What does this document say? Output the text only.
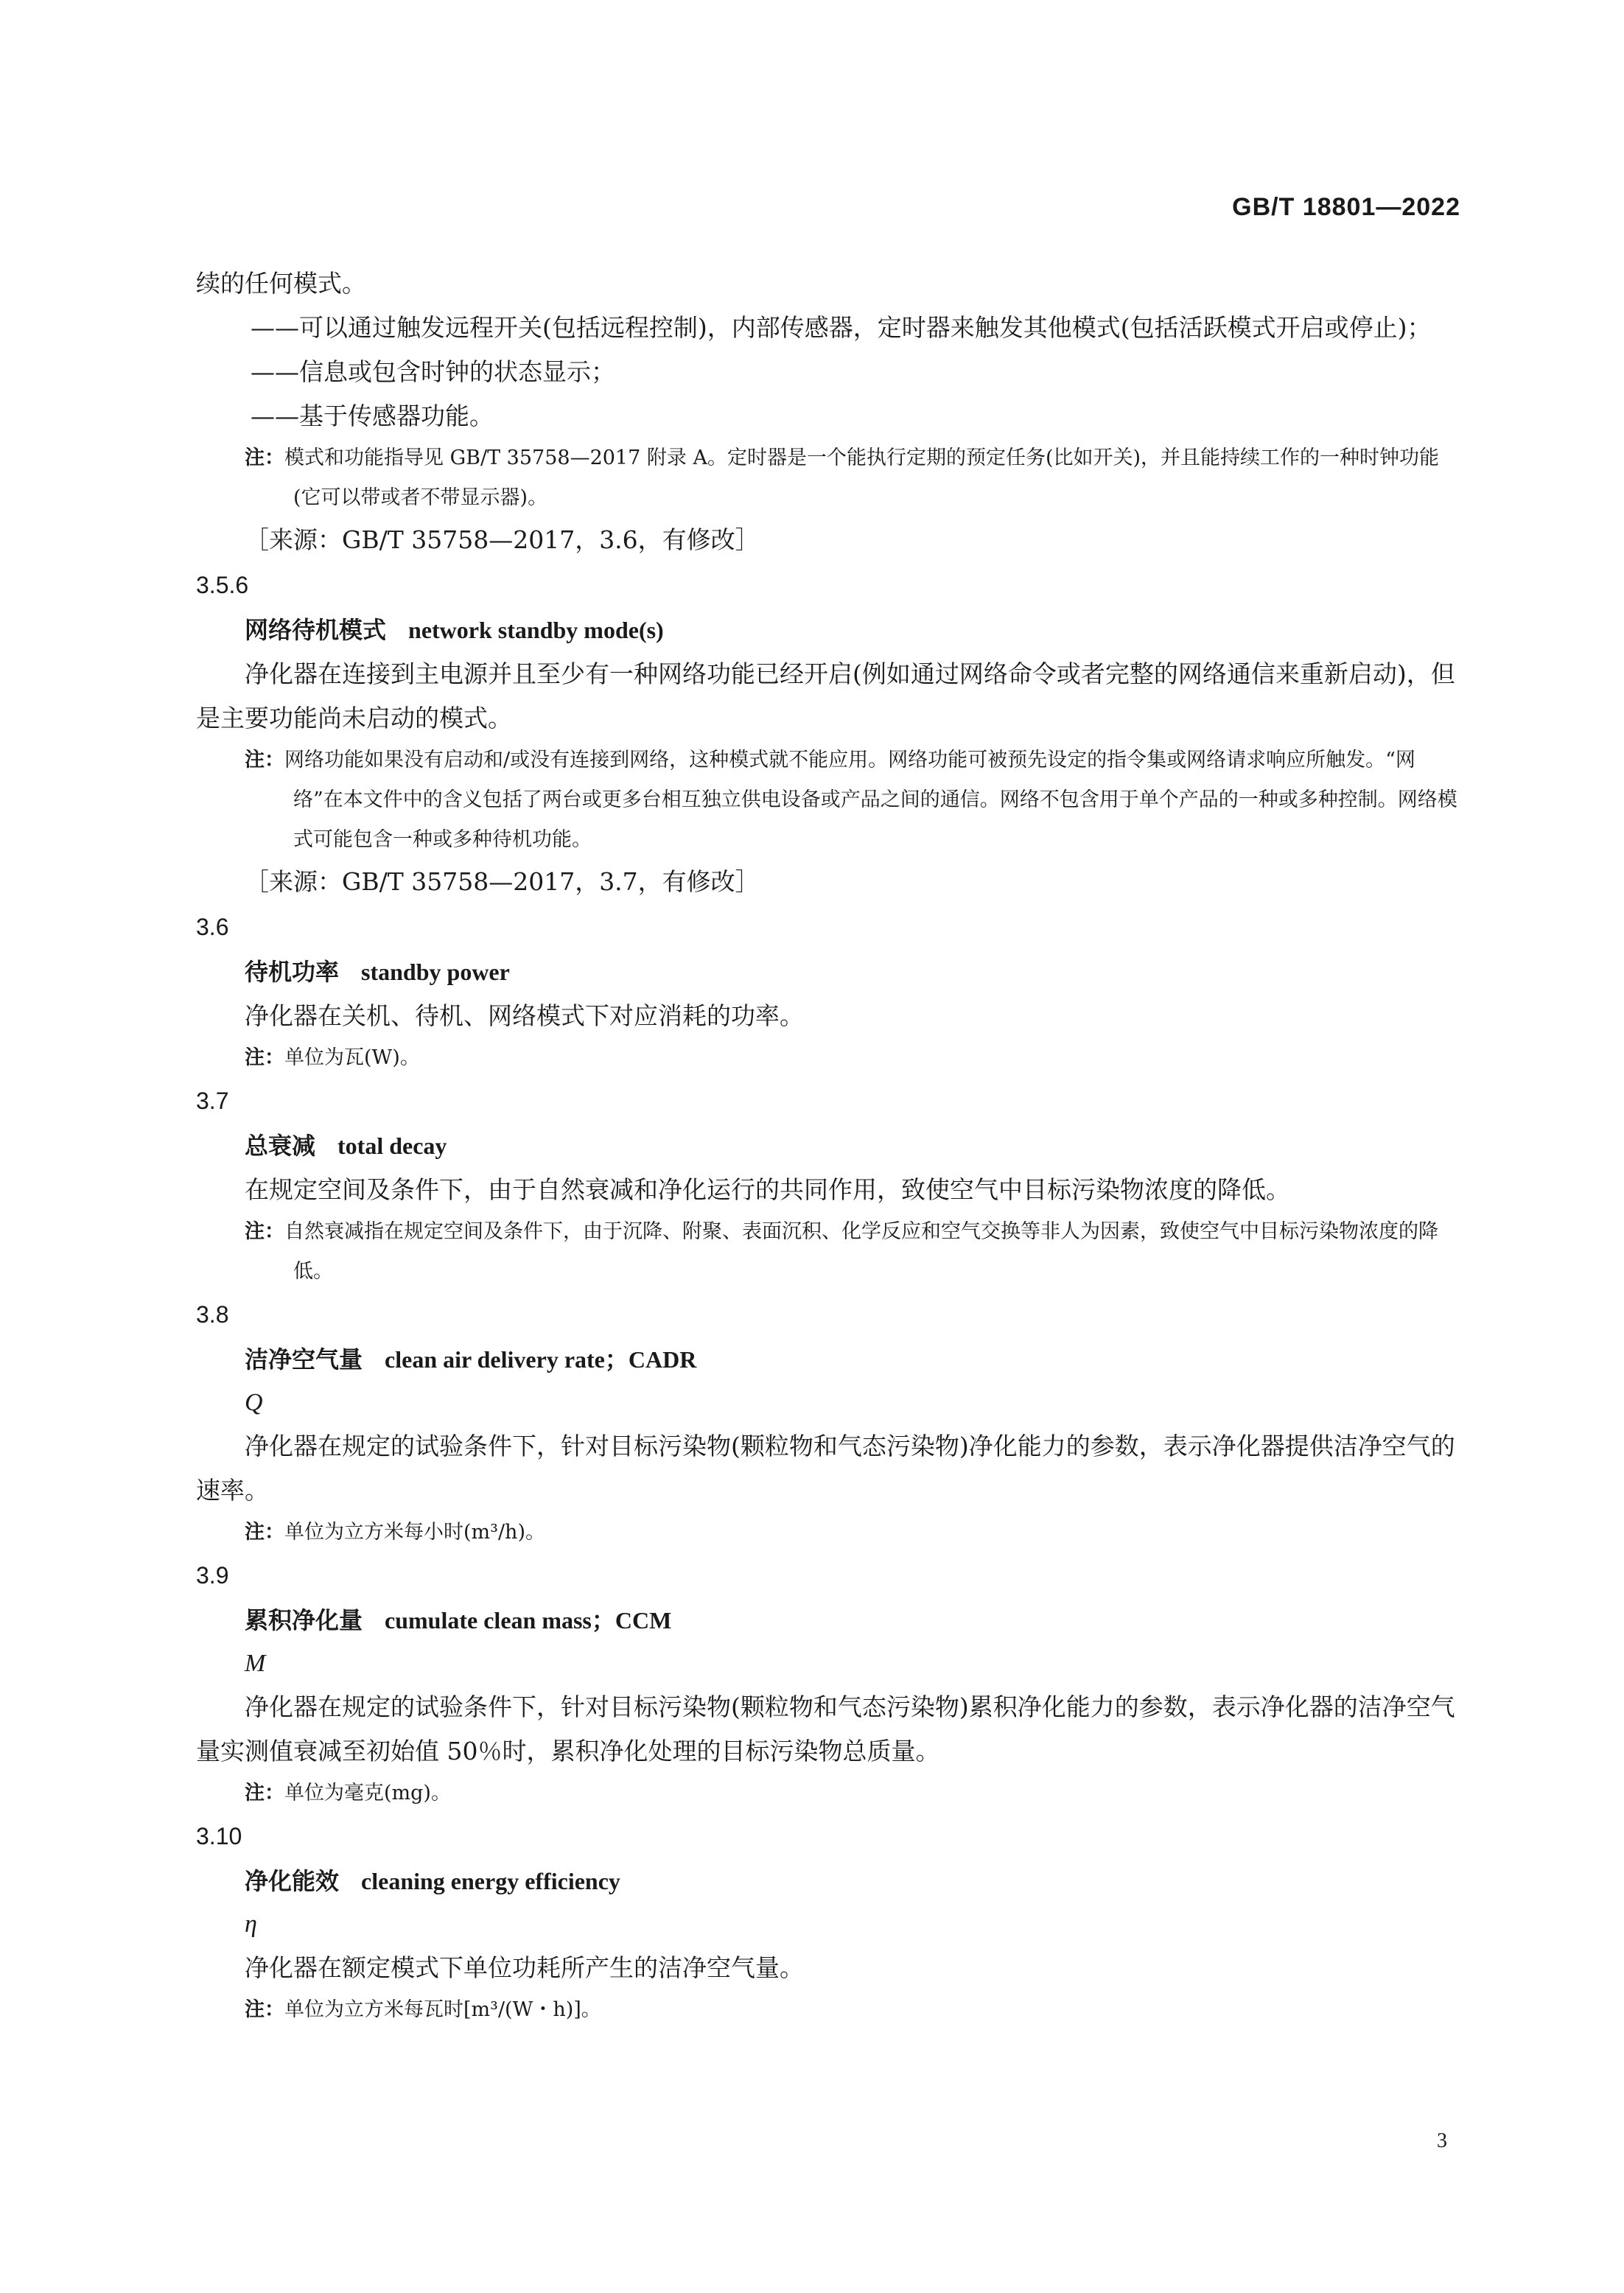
GB/T 18801—2022

续的任何模式。

——可以通过触发远程开关(包括远程控制)，内部传感器，定时器来触发其他模式(包括活跃模式开启或停止)；

——信息或包含时钟的状态显示；

——基于传感器功能。

注：模式和功能指导见 GB/T 35758—2017 附录 A。定时器是一个能执行定期的预定任务(比如开关)，并且能持续工作的一种时钟功能(它可以带或者不带显示器)。

［来源：GB/T 35758—2017，3.6，有修改］

3.5.6

网络待机模式 network standby mode(s)

净化器在连接到主电源并且至少有一种网络功能已经开启(例如通过网络命令或者完整的网络通信来重新启动)，但是主要功能尚未启动的模式。

注：网络功能如果没有启动和/或没有连接到网络，这种模式就不能应用。网络功能可被预先设定的指令集或网络请求响应所触发。“网络”在本文件中的含义包括了两台或更多台相互独立供电设备或产品之间的通信。网络不包含用于单个产品的一种或多种控制。网络模式可能包含一种或多种待机功能。

［来源：GB/T 35758—2017，3.7，有修改］

3.6

待机功率 standby power

净化器在关机、待机、网络模式下对应消耗的功率。

注：单位为瓦(W)。

3.7

总衰减 total decay

在规定空间及条件下，由于自然衰减和净化运行的共同作用，致使空气中目标污染物浓度的降低。

注：自然衰减指在规定空间及条件下，由于沉降、附聚、表面沉积、化学反应和空气交换等非人为因素，致使空气中目标污染物浓度的降低。

3.8

洁净空气量 clean air delivery rate；CADR

Q

净化器在规定的试验条件下，针对目标污染物(颗粒物和气态污染物)净化能力的参数，表示净化器提供洁净空气的速率。

注：单位为立方米每小时(m³/h)。

3.9

累积净化量 cumulate clean mass；CCM

M

净化器在规定的试验条件下，针对目标污染物(颗粒物和气态污染物)累积净化能力的参数，表示净化器的洁净空气量实测值衰减至初始值 50％时，累积净化处理的目标污染物总质量。

注：单位为毫克(mg)。

3.10

净化能效 cleaning energy efficiency

η

净化器在额定模式下单位功耗所产生的洁净空气量。

注：单位为立方米每瓦时[m³/(W・h)]。

3
